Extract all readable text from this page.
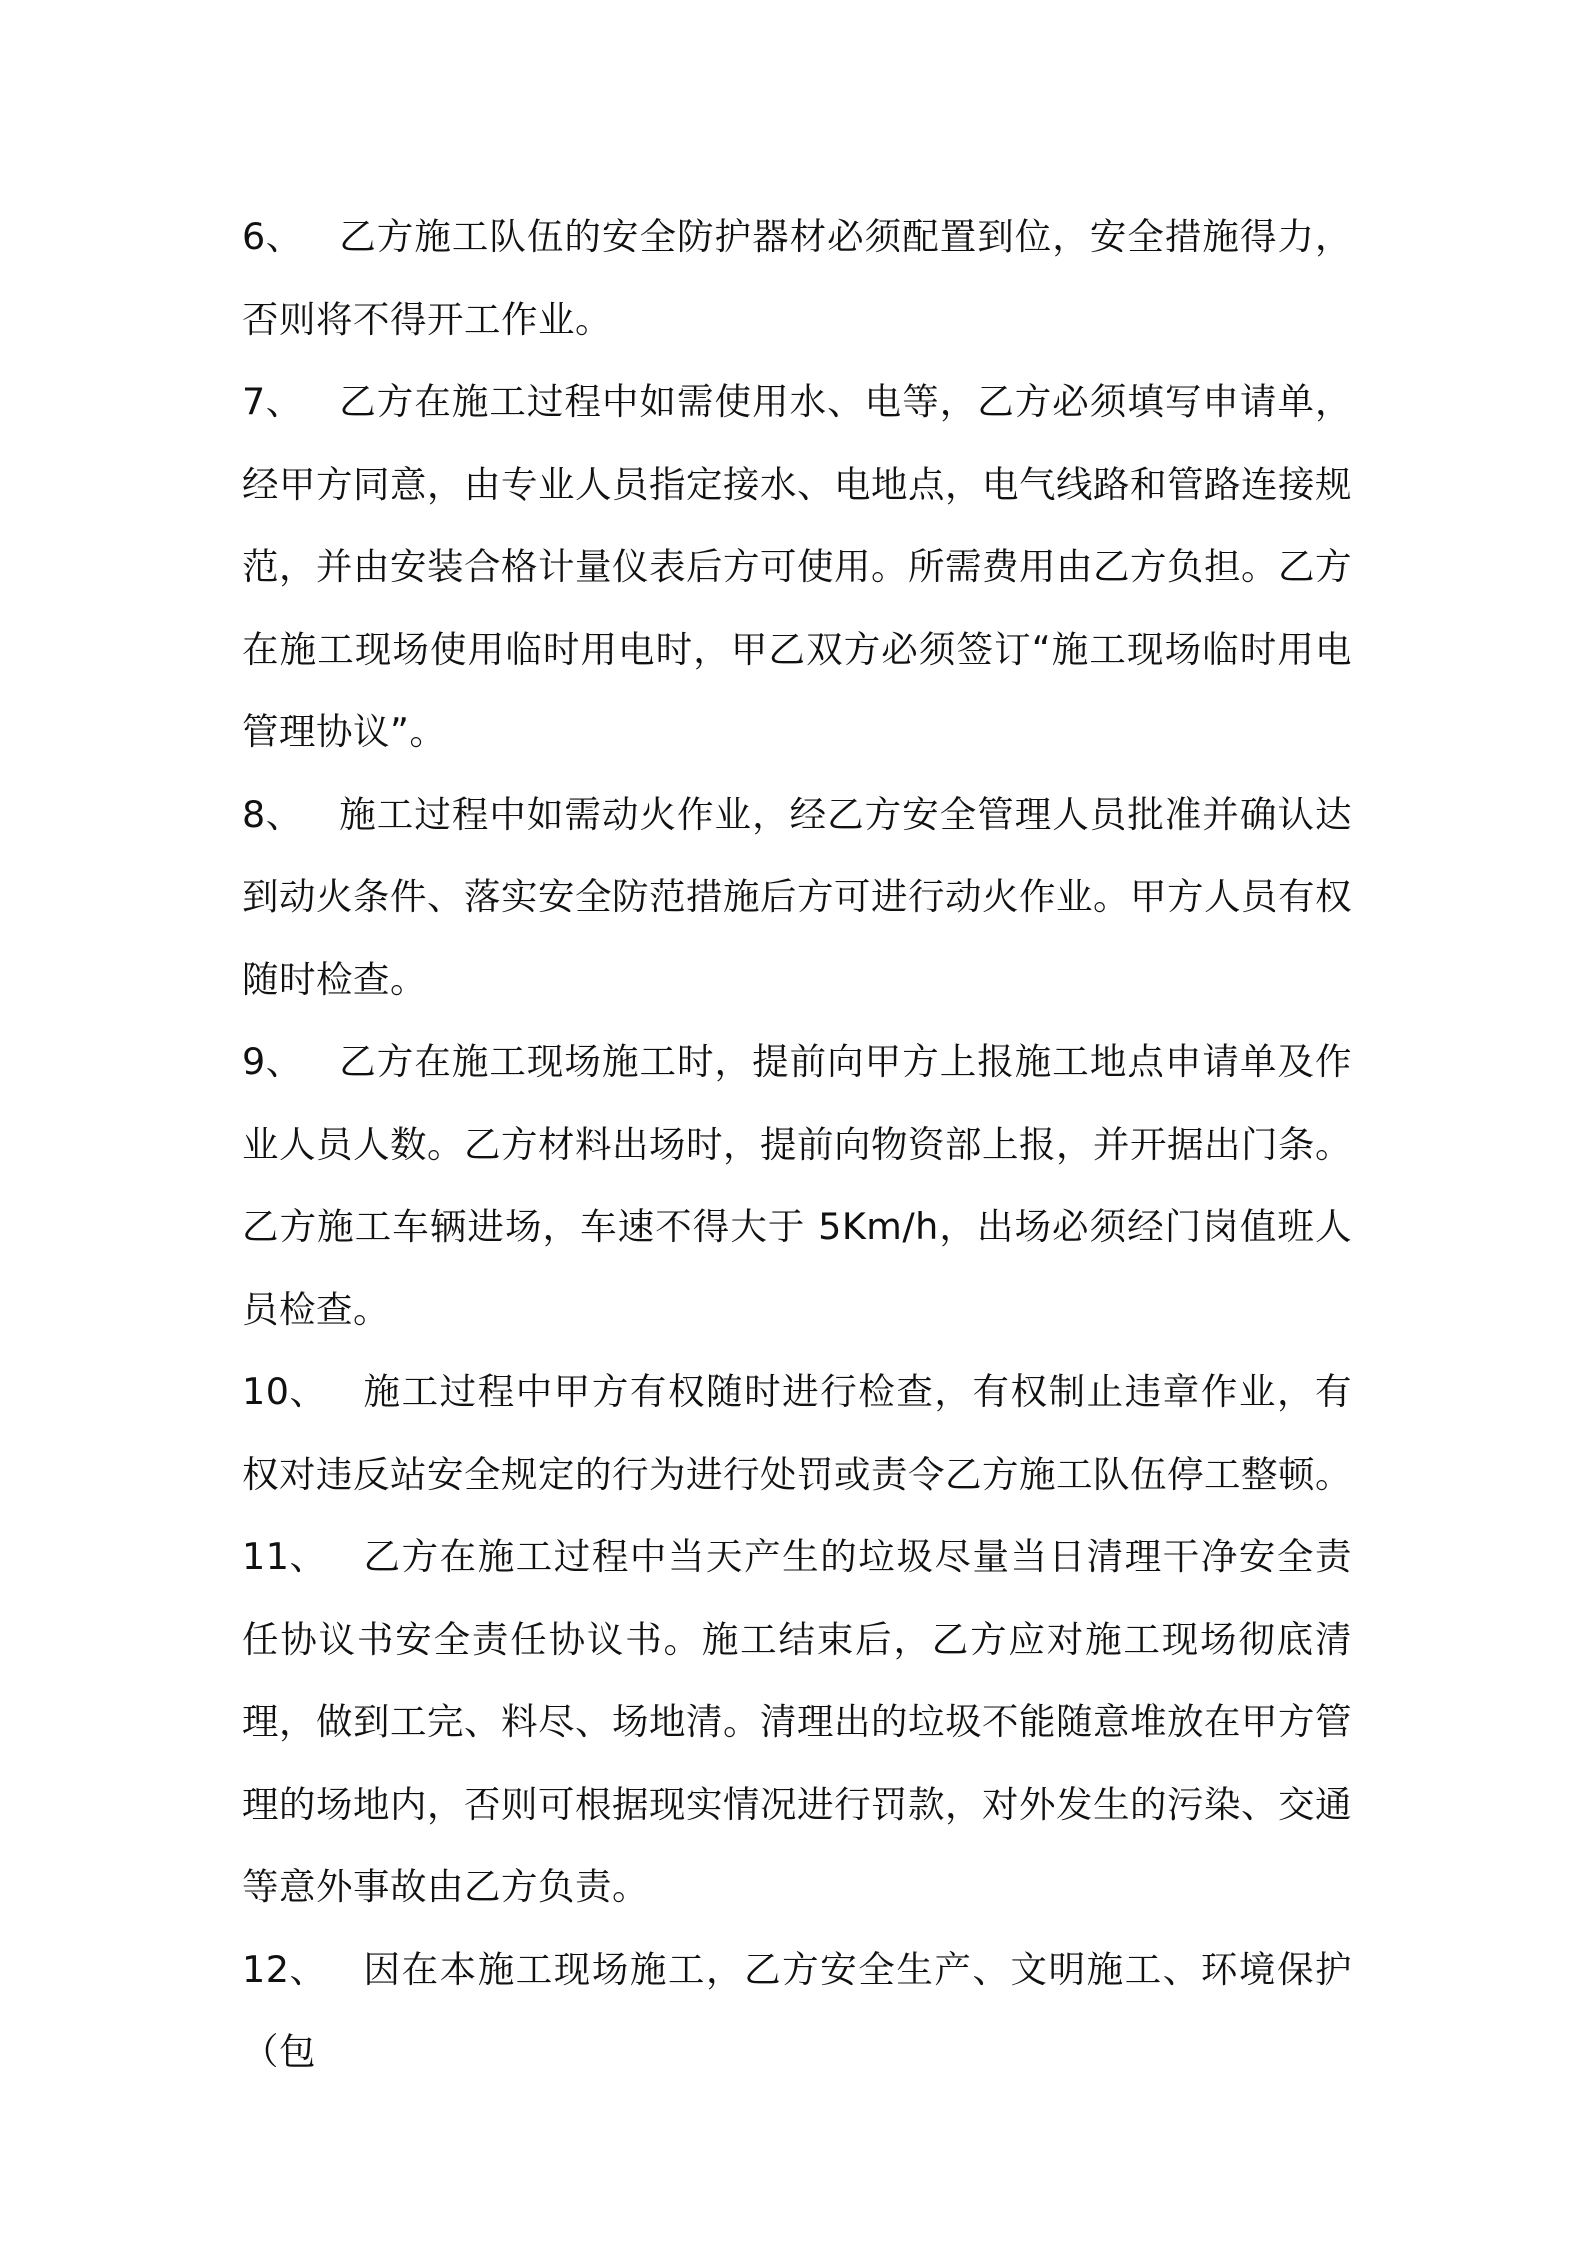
6、 乙方施工队伍的安全防护器材必须配置到位，安全措施得力，否则将不得开工作业。

7、 乙方在施工过程中如需使用水、电等，乙方必须填写申请单，经甲方同意，由专业人员指定接水、电地点，电气线路和管路连接规范，并由安装合格计量仪表后方可使用。所需费用由乙方负担。乙方在施工现场使用临时用电时，甲乙双方必须签订“施工现场临时用电管理协议”。

8、 施工过程中如需动火作业，经乙方安全管理人员批准并确认达到动火条件、落实安全防范措施后方可进行动火作业。甲方人员有权随时检查。

9、 乙方在施工现场施工时，提前向甲方上报施工地点申请单及作业人员人数。乙方材料出场时，提前向物资部上报，并开据出门条。乙方施工车辆进场，车速不得大于 5Km/h，出场必须经门岗值班人员检查。

10、 施工过程中甲方有权随时进行检查，有权制止违章作业，有权对违反站安全规定的行为进行处罚或责令乙方施工队伍停工整顿。

11、 乙方在施工过程中当天产生的垃圾尽量当日清理干净安全责任协议书安全责任协议书。施工结束后，乙方应对施工现场彻底清理，做到工完、料尽、场地清。清理出的垃圾不能随意堆放在甲方管理的场地内，否则可根据现实情况进行罚款，对外发生的污染、交通等意外事故由乙方负责。

12、 因在本施工现场施工，乙方安全生产、文明施工、环境保护（包
